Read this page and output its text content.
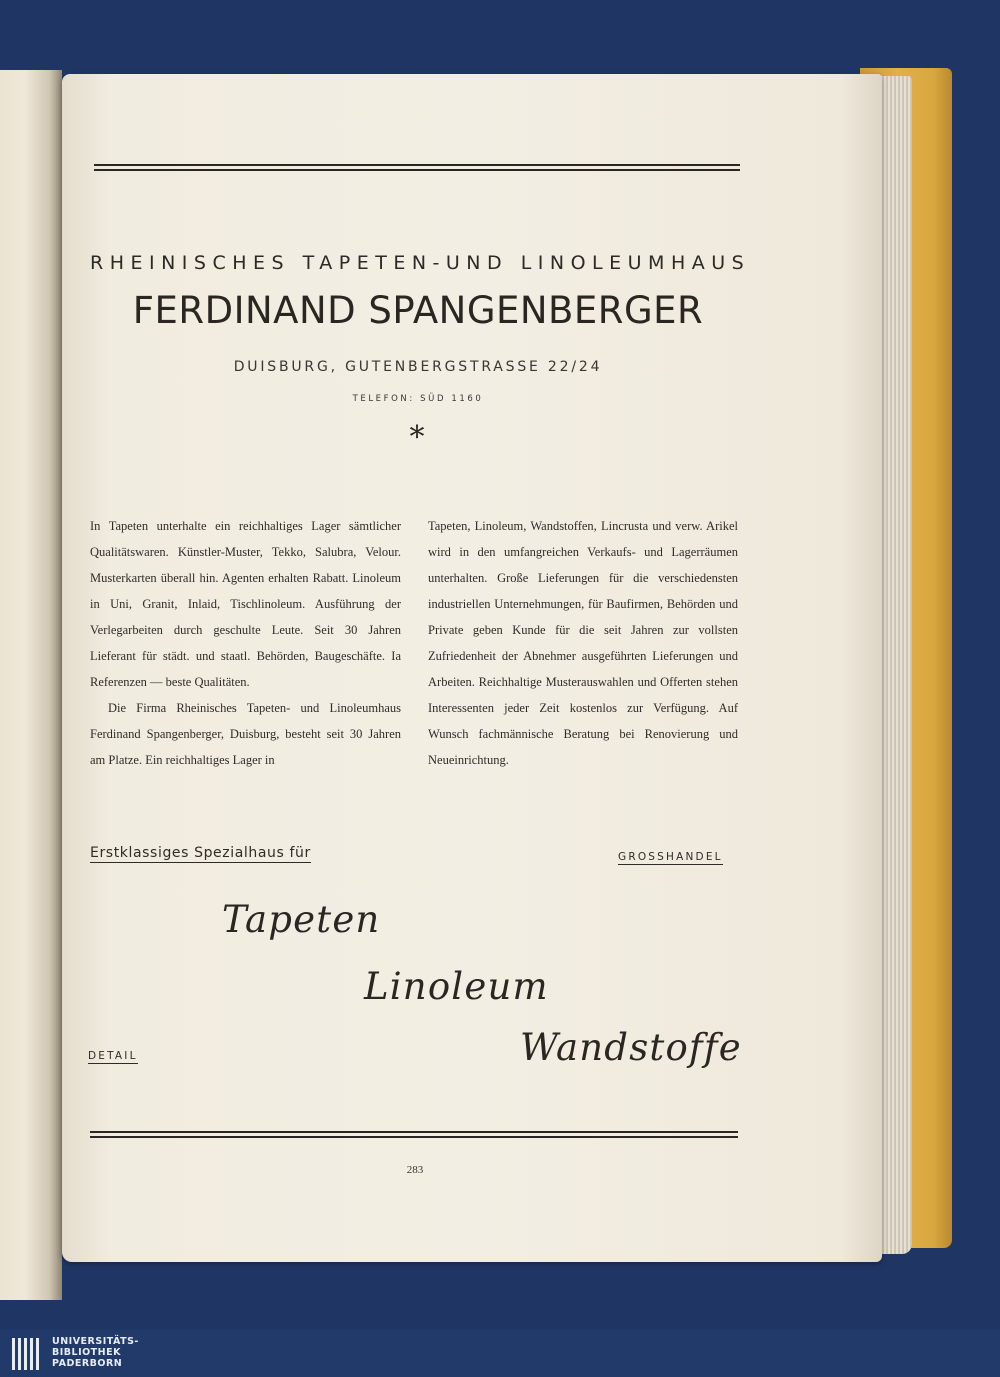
RHEINISCHES TAPETEN-UND LINOLEUMHAUS
FERDINAND SPANGENBERGER
DUISBURG, GUTENBERGSTRASSE 22/24
TELEFON: SÜD 1160
*

In Tapeten unterhalte ein reichhaltiges Lager sämtlicher Qualitätswaren. Künstler-Muster, Tekko, Salubra, Velour. Musterkarten überall hin. Agenten erhalten Rabatt. Linoleum in Uni, Granit, Inlaid, Tischlinoleum. Ausführung der Verlegarbeiten durch geschulte Leute. Seit 30 Jahren Lieferant für städt. und staatl. Behörden, Baugeschäfte. Ia Referenzen — beste Qualitäten.

Die Firma Rheinisches Tapeten- und Linoleumhaus Ferdinand Spangenberger, Duisburg, besteht seit 30 Jahren am Platze. Ein reichhaltiges Lager in

Tapeten, Linoleum, Wandstoffen, Lincrusta und verw. Arikel wird in den umfangreichen Verkaufs- und Lagerräumen unterhalten. Große Lieferungen für die verschiedensten industriellen Unternehmungen, für Baufirmen, Behörden und Private geben Kunde für die seit Jahren zur vollsten Zufriedenheit der Abnehmer ausgeführten Lieferungen und Arbeiten. Reichhaltige Musterauswahlen und Offerten stehen Interessenten jeder Zeit kostenlos zur Verfügung. Auf Wunsch fachmännische Beratung bei Renovierung und Neueinrichtung.

Erstklassiges Spezialhaus für	GROSSHANDEL
Tapeten
Linoleum
Wandstoffe
DETAIL
283
UNIVERSITÄTS-
BIBLIOTHEK
PADERBORN
